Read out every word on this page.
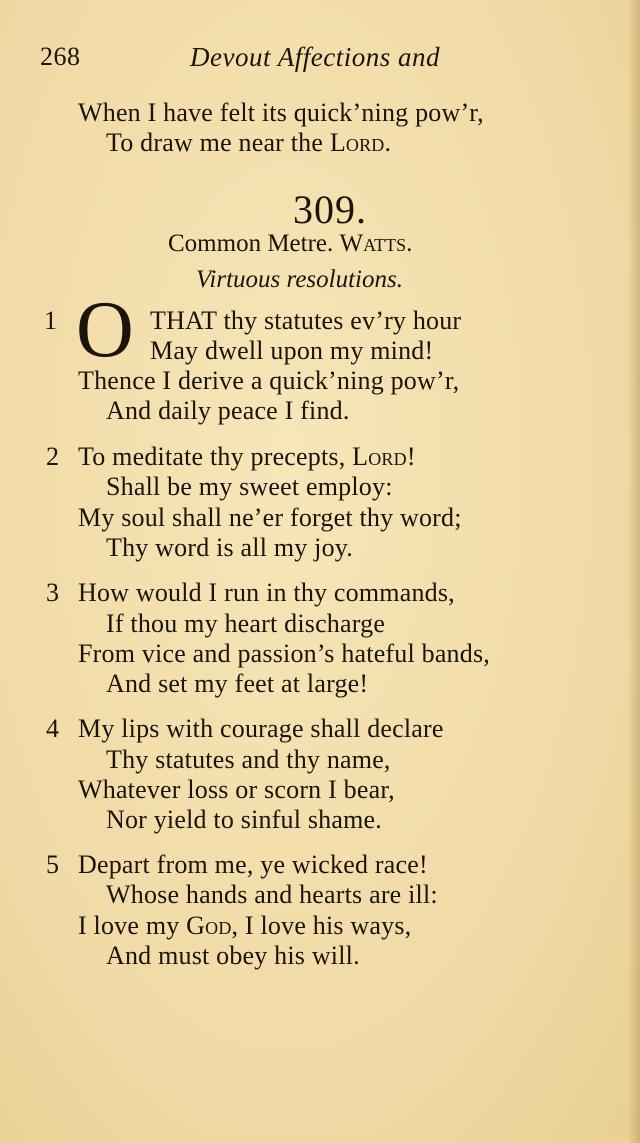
268	Devout Affections and
When I have felt its quick’ning pow’r,
To draw me near the Lord.
309.
Common Metre. Watts.
Virtuous resolutions.
1 O THAT thy statutes ev’ry hour
May dwell upon my mind!
Thence I derive a quick’ning pow’r,
And daily peace I find.
2 To meditate thy precepts, Lord!
Shall be my sweet employ:
My soul shall ne’er forget thy word;
Thy word is all my joy.
3 How would I run in thy commands,
If thou my heart discharge
From vice and passion’s hateful bands,
And set my feet at large!
4 My lips with courage shall declare
Thy statutes and thy name,
Whatever loss or scorn I bear,
Nor yield to sinful shame.
5 Depart from me, ye wicked race!
Whose hands and hearts are ill:
I love my God, I love his ways,
And must obey his will.
